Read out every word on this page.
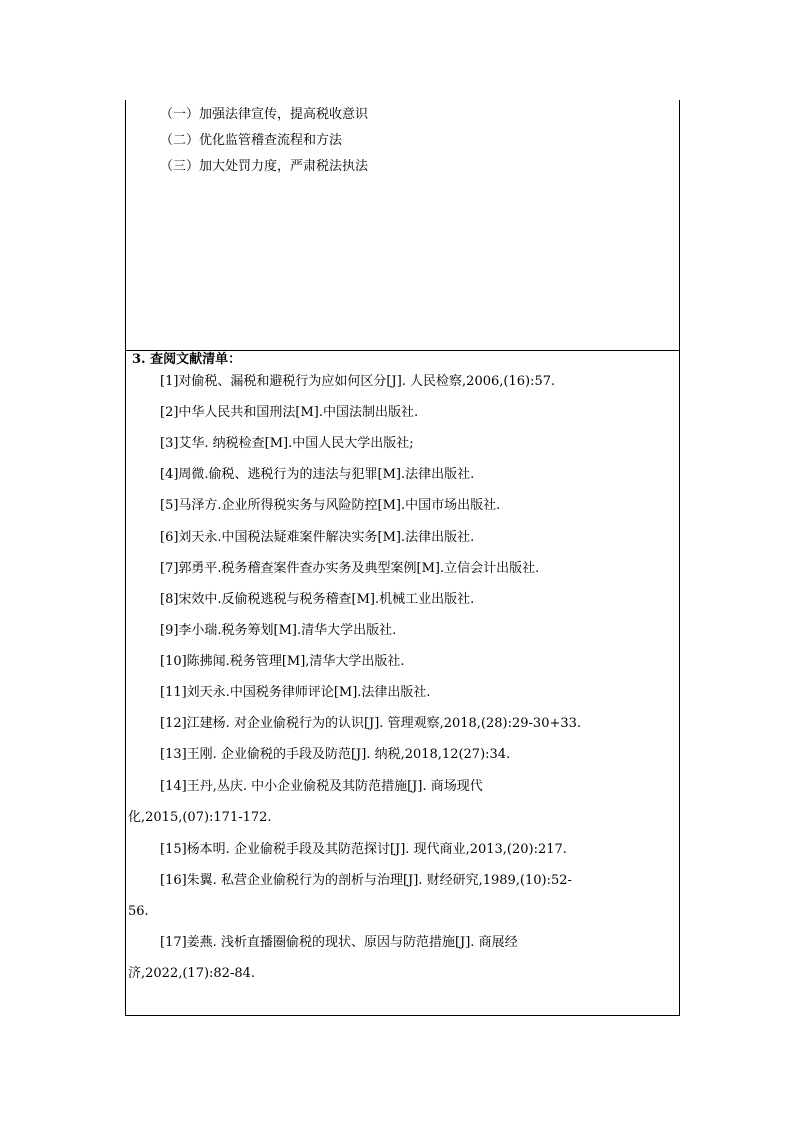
（一）加强法律宣传，提高税收意识
（二）优化监管稽查流程和方法
（三）加大处罚力度，严肃税法执法
3. 查阅文献清单：
[1]对偷税、漏税和避税行为应如何区分[J]. 人民检察,2006,(16):57.
[2]中华人民共和国刑法[M].中国法制出版社.
[3]艾华. 纳税检查[M].中国人民大学出版社;
[4]周微.偷税、逃税行为的违法与犯罪[M].法律出版社.
[5]马泽方.企业所得税实务与风险防控[M].中国市场出版社.
[6]刘天永.中国税法疑难案件解决实务[M].法律出版社.
[7]郭勇平.税务稽查案件查办实务及典型案例[M].立信会计出版社.
[8]宋效中.反偷税逃税与税务稽查[M].机械工业出版社.
[9]李小瑞.税务筹划[M].清华大学出版社.
[10]陈拂闻.税务管理[M],清华大学出版社.
[11]刘天永.中国税务律师评论[M].法律出版社.
[12]江建杨. 对企业偷税行为的认识[J]. 管理观察,2018,(28):29-30+33.
[13]王刚. 企业偷税的手段及防范[J]. 纳税,2018,12(27):34.
[14]王丹,丛庆. 中小企业偷税及其防范措施[J]. 商场现代
化,2015,(07):171-172.
[15]杨本明. 企业偷税手段及其防范探讨[J]. 现代商业,2013,(20):217.
[16]朱翼. 私营企业偷税行为的剖析与治理[J]. 财经研究,1989,(10):52-
56.
[17]姜燕. 浅析直播圈偷税的现状、原因与防范措施[J]. 商展经
济,2022,(17):82-84.
